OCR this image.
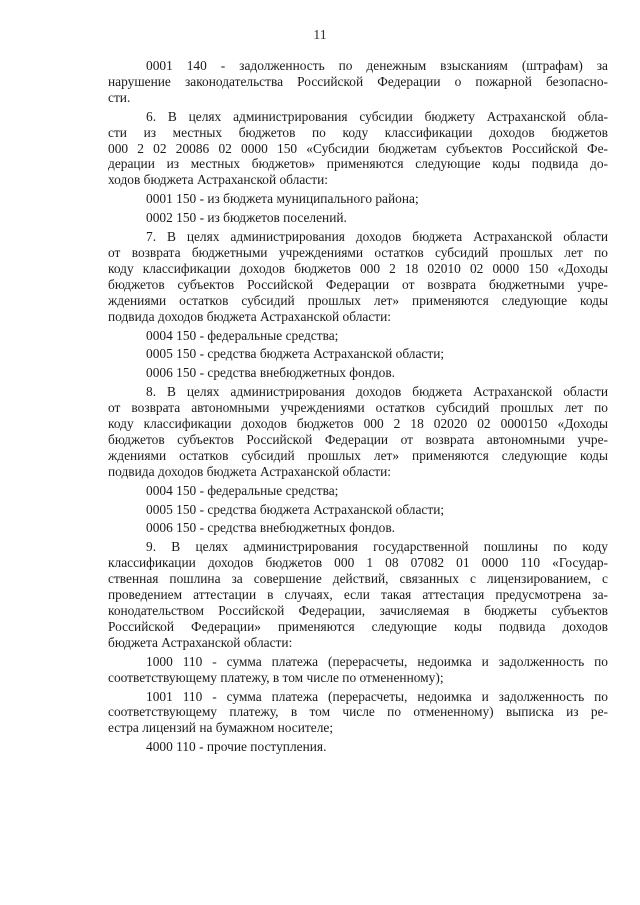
11
0001 140 - задолженность по денежным взысканиям (штрафам) за
нарушение законодательства Российской Федерации о пожарной безопасно-
сти.
6. В целях администрирования субсидии бюджету Астраханской обла-
сти из местных бюджетов по коду классификации доходов бюджетов
000 2 02 20086 02 0000 150 «Субсидии бюджетам субъектов Российской Фе-
дерации из местных бюджетов» применяются следующие коды подвида до-
ходов бюджета Астраханской области:
0001 150 - из бюджета муниципального района;
0002 150 - из бюджетов поселений.
7. В целях администрирования доходов бюджета Астраханской области
от возврата бюджетными учреждениями остатков субсидий прошлых лет по
коду классификации доходов бюджетов 000 2 18 02010 02 0000 150 «Доходы
бюджетов субъектов Российской Федерации от возврата бюджетными учре-
ждениями остатков субсидий прошлых лет» применяются следующие коды
подвида доходов бюджета Астраханской области:
0004 150 - федеральные средства;
0005 150 - средства бюджета Астраханской области;
0006 150 - средства внебюджетных фондов.
8. В целях администрирования доходов бюджета Астраханской области
от возврата автономными учреждениями остатков субсидий прошлых лет по
коду классификации доходов бюджетов 000 2 18 02020 02 0000150 «Доходы
бюджетов субъектов Российской Федерации от возврата автономными учре-
ждениями остатков субсидий прошлых лет» применяются следующие коды
подвида доходов бюджета Астраханской области:
0004 150 - федеральные средства;
0005 150 - средства бюджета Астраханской области;
0006 150 - средства внебюджетных фондов.
9. В целях администрирования государственной пошлины по коду
классификации доходов бюджетов 000 1 08 07082 01 0000 110 «Государ-
ственная пошлина за совершение действий, связанных с лицензированием, с
проведением аттестации в случаях, если такая аттестация предусмотрена за-
конодательством Российской Федерации, зачисляемая в бюджеты субъектов
Российской Федерации» применяются следующие коды подвида доходов
бюджета Астраханской области:
1000 110 - сумма платежа (перерасчеты, недоимка и задолженность по
соответствующему платежу, в том числе по отмененному);
1001 110 - сумма платежа (перерасчеты, недоимка и задолженность по
соответствующему платежу, в том числе по отмененному) выписка из ре-
естра лицензий на бумажном носителе;
4000 110 - прочие поступления.
